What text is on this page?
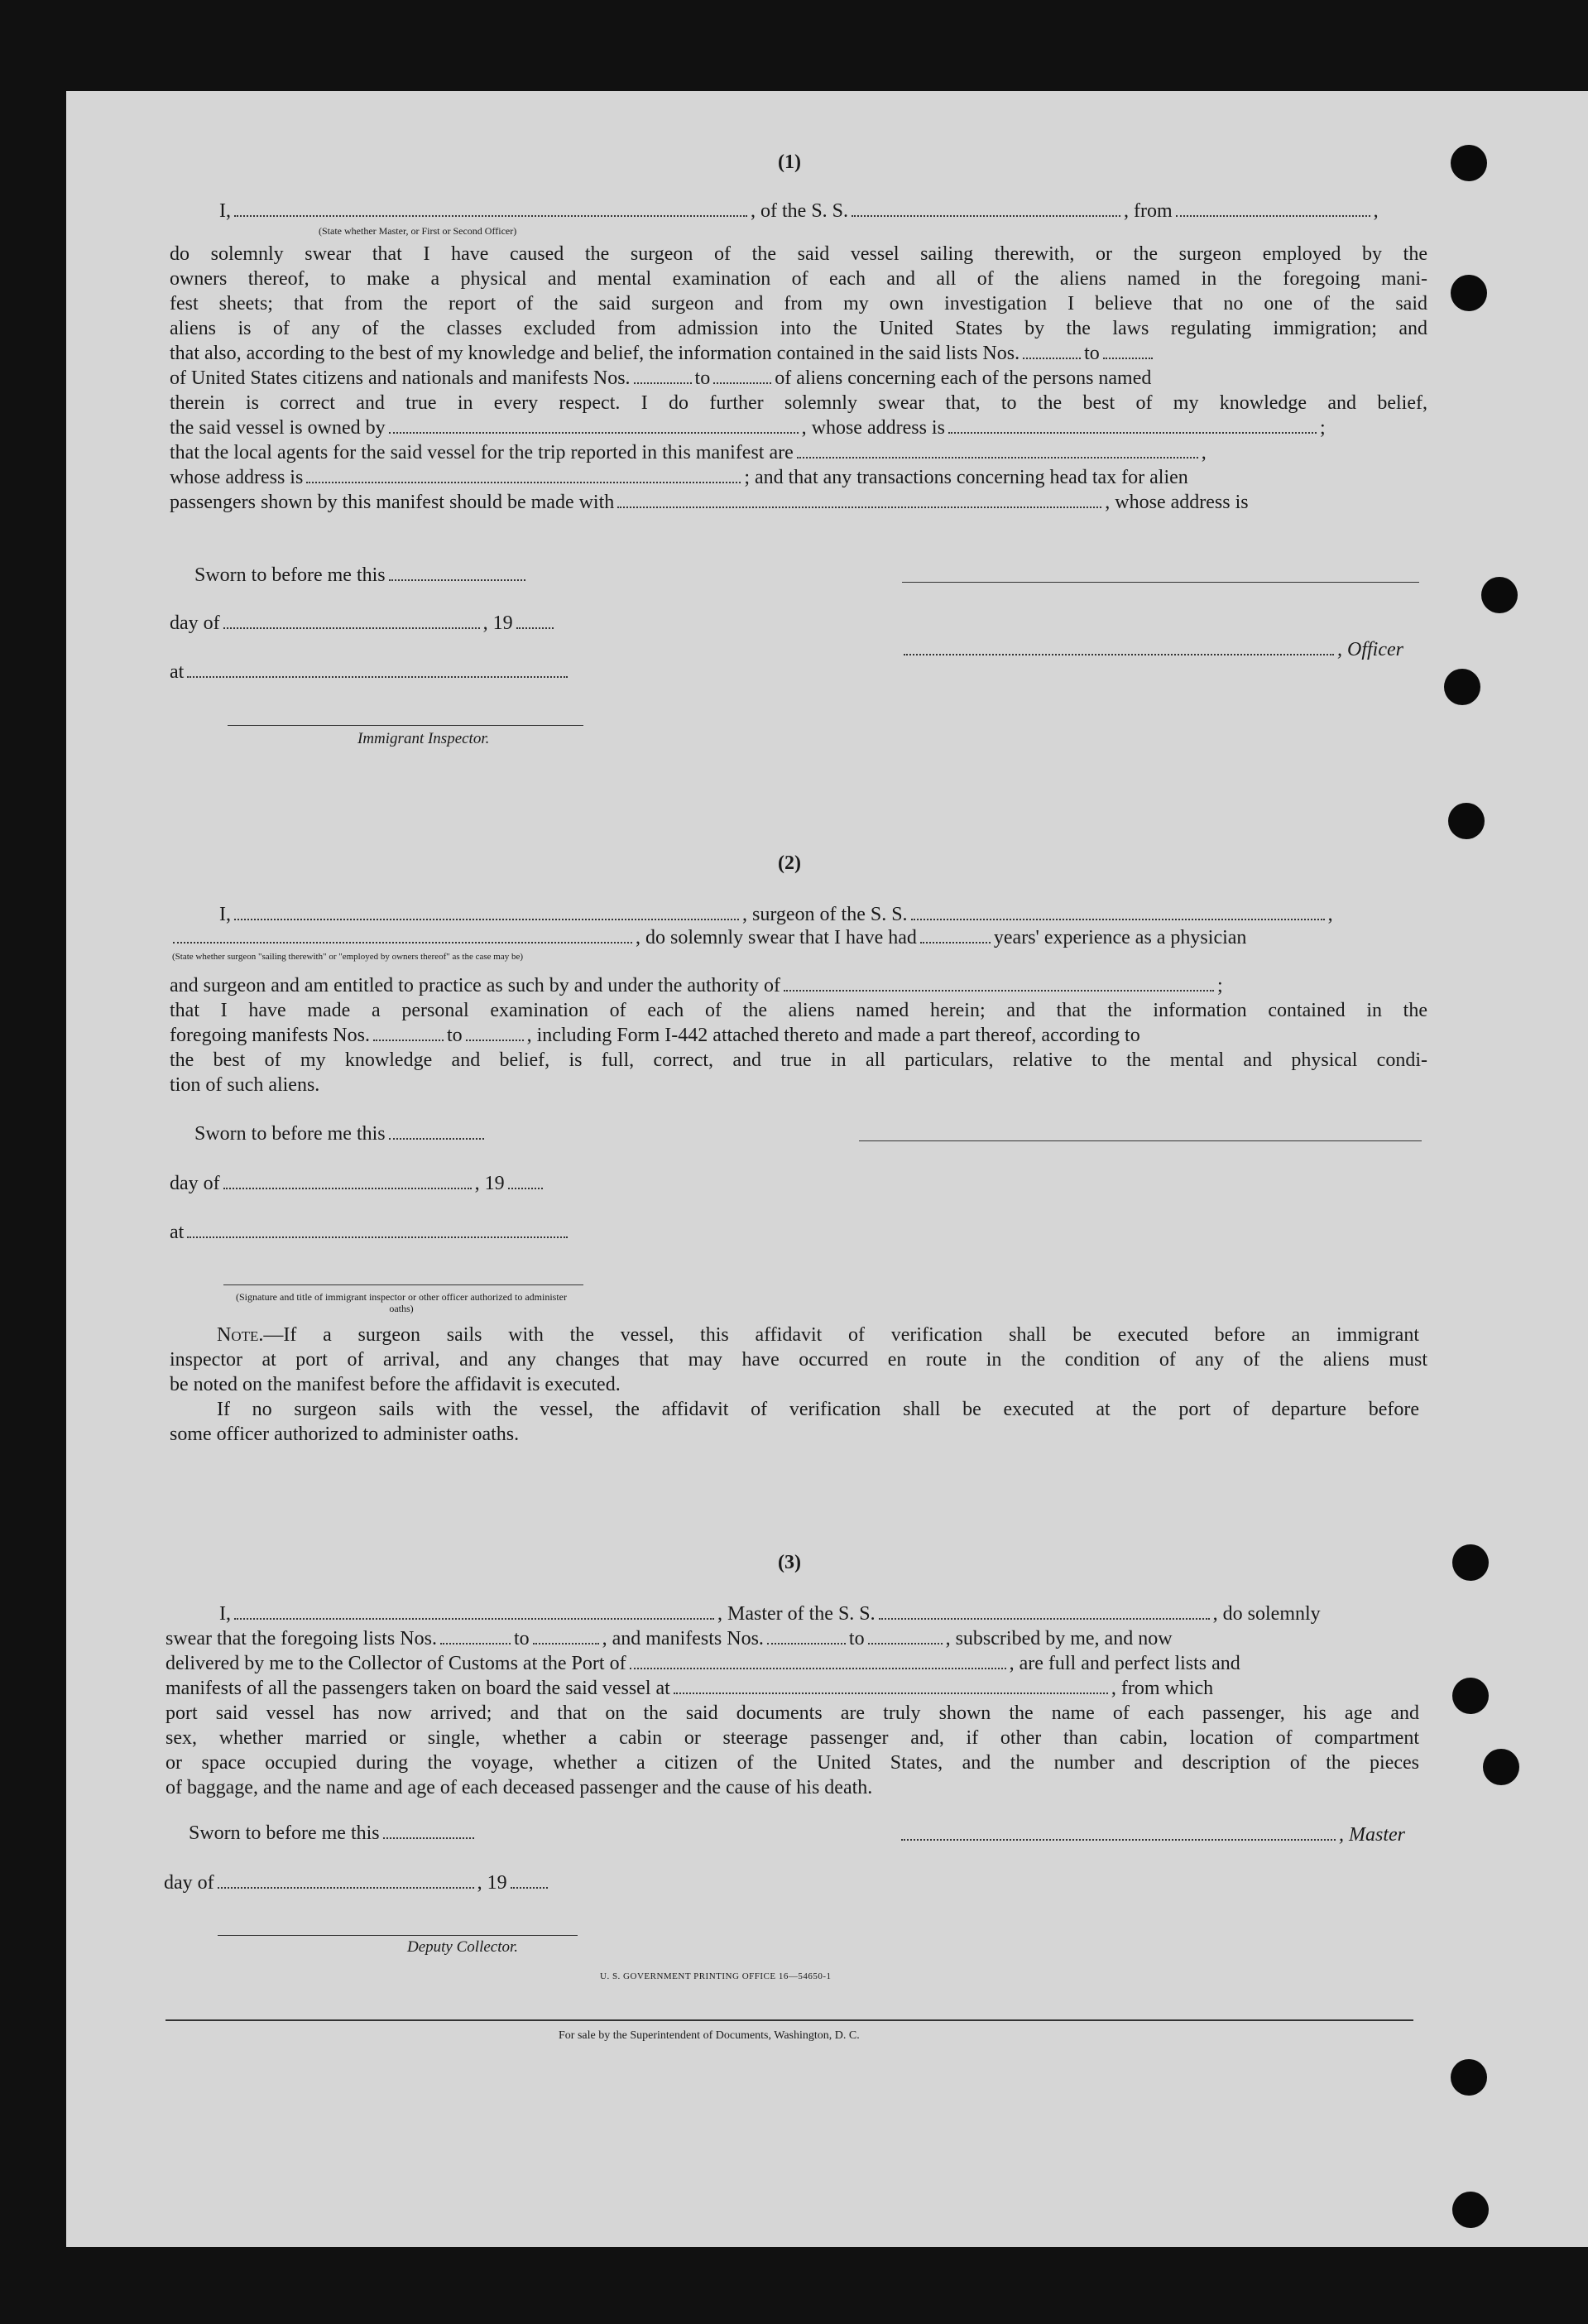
(1)
I,	, of the S. S.	, from	,
(State whether Master, or First or Second Officer)
do solemnly swear that I have caused the surgeon of the said vessel sailing therewith, or the surgeon employed by the
owners thereof, to make a physical and mental examination of each and all of the aliens named in the foregoing mani-
fest sheets; that from the report of the said surgeon and from my own investigation I believe that no one of the said
aliens is of any of the classes excluded from admission into the United States by the laws regulating immigration; and
that also, according to the best of my knowledge and belief, the information contained in the said lists Nos.	to
of United States citizens and nationals and manifests Nos.	to	of aliens concerning each of the persons named
therein is correct and true in every respect. I do further solemnly swear that, to the best of my knowledge and belief,
the said vessel is owned by	, whose address is	;
that the local agents for the said vessel for the trip reported in this manifest are	,
whose address is	; and that any transactions concerning head tax for alien
passengers shown by this manifest should be made with	, whose address is
Sworn to before me this
day of	, 19
, Officer
at
Immigrant Inspector.
(2)
I,	, surgeon of the S. S.	,
, do solemnly swear that I have had	years' experience as a physician
(State whether surgeon "sailing therewith" or "employed by owners thereof" as the case may be)
and surgeon and am entitled to practice as such by and under the authority of	;
that I have made a personal examination of each of the aliens named herein; and that the information contained in the
foregoing manifests Nos.	to	, including Form I-442 attached thereto and made a part thereof, according to
the best of my knowledge and belief, is full, correct, and true in all particulars, relative to the mental and physical condi-
tion of such aliens.
Sworn to before me this
day of	, 19
at
(Signature and title of immigrant inspector or other officer authorized to administer oaths)
Note.—If a surgeon sails with the vessel, this affidavit of verification shall be executed before an immigrant
inspector at port of arrival, and any changes that may have occurred en route in the condition of any of the aliens must
be noted on the manifest before the affidavit is executed.
If no surgeon sails with the vessel, the affidavit of verification shall be executed at the port of departure before
some officer authorized to administer oaths.
(3)
I,	, Master of the S. S.	, do solemnly
swear that the foregoing lists Nos.	to	, and manifests Nos.	to	, subscribed by me, and now
delivered by me to the Collector of Customs at the Port of	, are full and perfect lists and
manifests of all the passengers taken on board the said vessel at	, from which
port said vessel has now arrived; and that on the said documents are truly shown the name of each passenger, his age and
sex, whether married or single, whether a cabin or steerage passenger and, if other than cabin, location of compartment
or space occupied during the voyage, whether a citizen of the United States, and the number and description of the pieces
of baggage, and the name and age of each deceased passenger and the cause of his death.
Sworn to before me this	, Master
day of	, 19
Deputy Collector.
U. S. GOVERNMENT PRINTING OFFICE 16—54650-1
For sale by the Superintendent of Documents, Washington, D. C.
